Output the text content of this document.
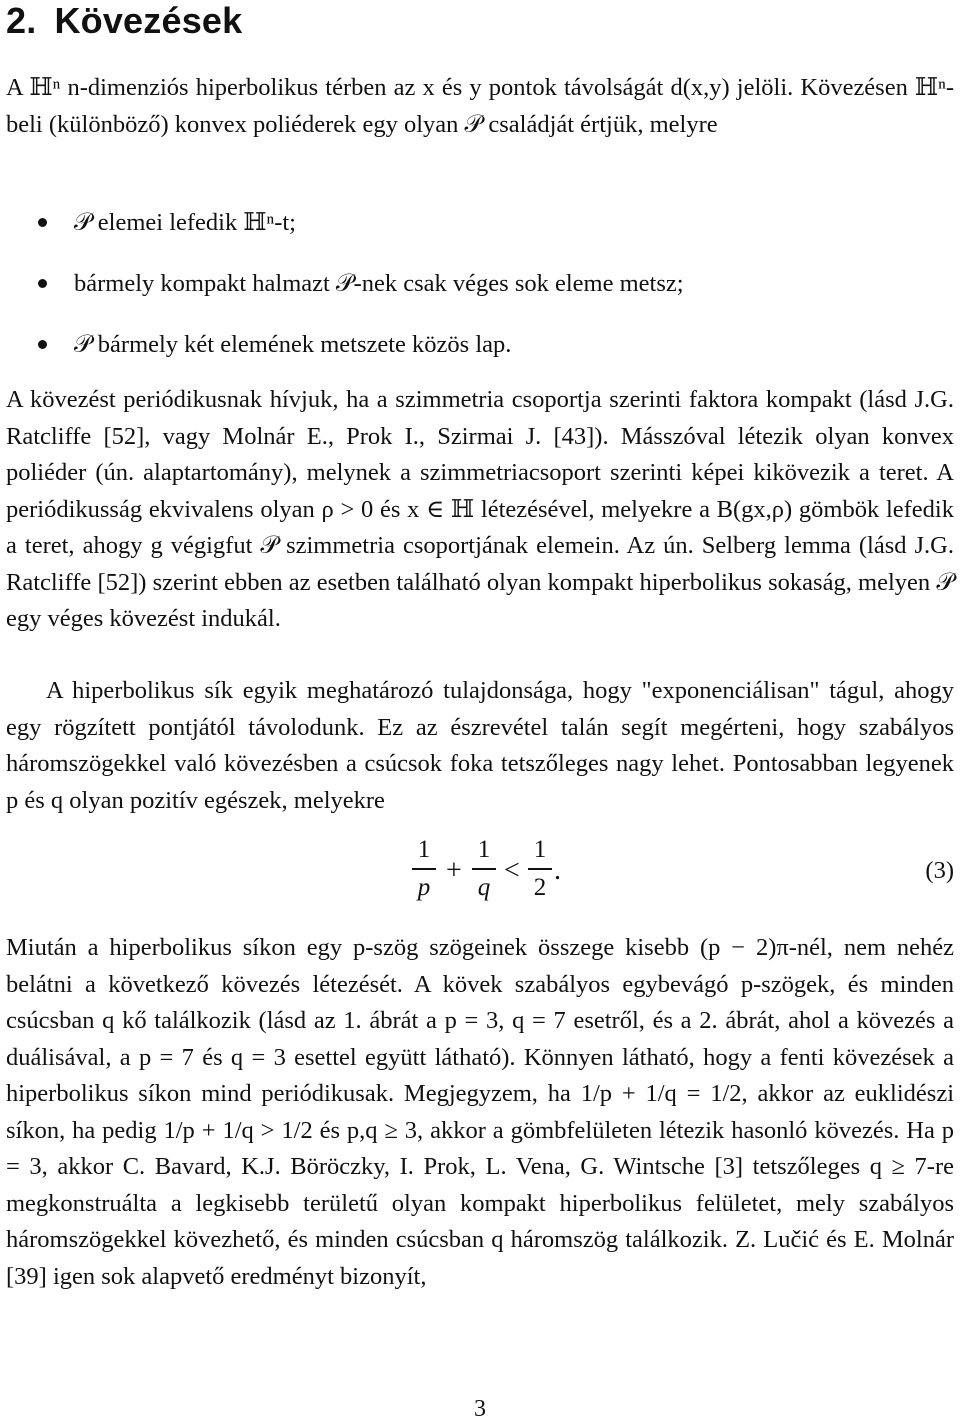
2. Kövezések
A ℍⁿ n-dimenziós hiperbolikus térben az x és y pontok távolságát d(x,y) jelöli. Kövezésen ℍⁿ-beli (különböző) konvex poliéderek egy olyan 𝒫 családját értjük, melyre
𝒫 elemei lefedik ℍⁿ-t;
bármely kompakt halmazt 𝒫-nek csak véges sok eleme metsz;
𝒫 bármely két elemének metszete közös lap.
A kövezést periódikusnak hívjuk, ha a szimmetria csoportja szerinti faktora kompakt (lásd J.G. Ratcliffe [52], vagy Molnár E., Prok I., Szirmai J. [43]). Másszóval létezik olyan konvex poliéder (ún. alaptartomány), melynek a szimmetriacsoport szerinti képei kikövezik a teret. A periódikusság ekvivalens olyan ρ > 0 és x ∈ ℍ létezésével, melyekre a B(gx,ρ) gömbök lefedik a teret, ahogy g végigfut 𝒫 szimmetria csoportjának elemein. Az ún. Selberg lemma (lásd J.G. Ratcliffe [52]) szerint ebben az esetben található olyan kompakt hiperbolikus sokaság, melyen 𝒫 egy véges kövezést indukál.
A hiperbolikus sík egyik meghatározó tulajdonsága, hogy "exponenciálisan" tágul, ahogy egy rögzített pontjától távolodunk. Ez az észrevétel talán segít megérteni, hogy szabályos háromszögekkel való kövezésben a csúcsok foka tetszőleges nagy lehet. Pontosabban legyenek p és q olyan pozitív egészek, melyekre
1
p
+
1
q
<
1
2
.	(3)
Miután a hiperbolikus síkon egy p-szög szögeinek összege kisebb (p − 2)π-nél, nem nehéz belátni a következő kövezés létezését. A kövek szabályos egybevágó p-szögek, és minden csúcsban q kő találkozik (lásd az 1. ábrát a p = 3, q = 7 esetről, és a 2. ábrát, ahol a kövezés a duálisával, a p = 7 és q = 3 esettel együtt látható). Könnyen látható, hogy a fenti kövezések a hiperbolikus síkon mind periódikusak. Megjegyzem, ha 1/p + 1/q = 1/2, akkor az euklidészi síkon, ha pedig 1/p + 1/q > 1/2 és p,q ≥ 3, akkor a gömbfelületen létezik hasonló kövezés. Ha p = 3, akkor C. Bavard, K.J. Böröczky, I. Prok, L. Vena, G. Wintsche [3] tetszőleges q ≥ 7-re megkonstruálta a legkisebb területű olyan kompakt hiperbolikus felületet, mely szabályos háromszögekkel kövezhető, és minden csúcsban q háromszög találkozik. Z. Lučić és E. Molnár [39] igen sok alapvető eredményt bizonyít,
3
